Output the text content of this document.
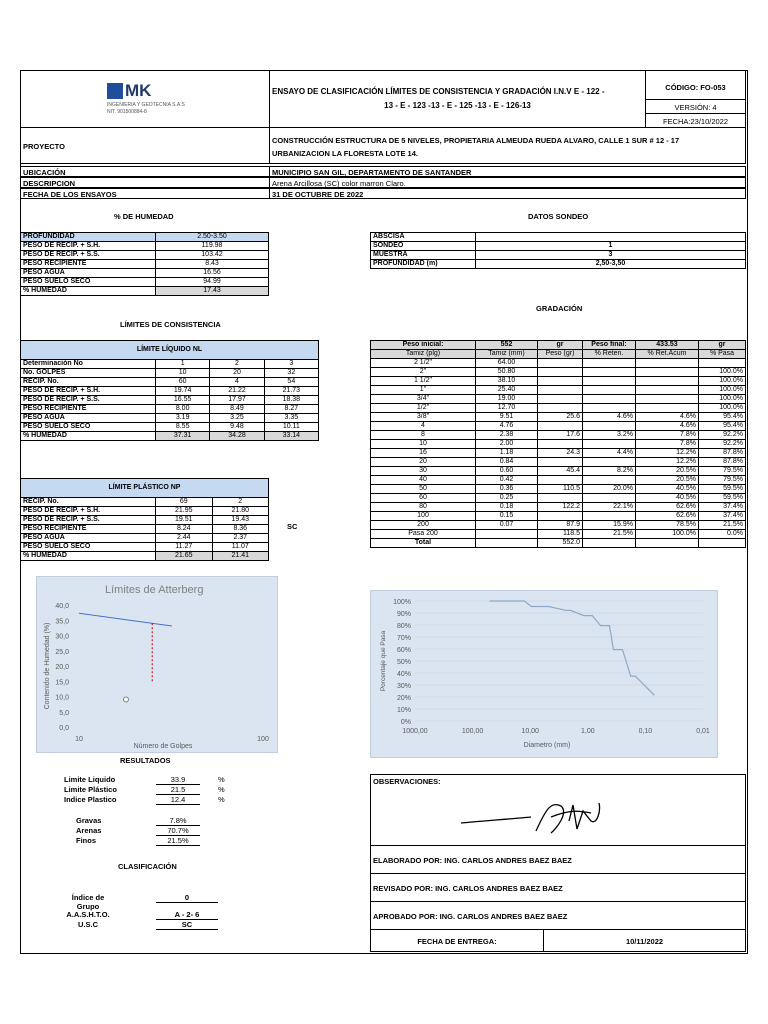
MK
INGENIERIA Y GEOTECNIA S.A.S
NIT. 901500884-8
ENSAYO DE CLASIFICACIÓN LÍMITES DE CONSISTENCIA Y GRADACIÓN I.N.V E - 122 -
13 - E - 123 -13 - E - 125 -13 - E - 126-13
CÓDIGO: FO-053
VERSIÓN: 4
FECHA:23/10/2022
PROYECTO
CONSTRUCCIÓN ESTRUCTURA DE 5 NIVELES, PROPIETARIA ALMEUDA RUEDA ALVARO, CALLE 1 SUR # 12 - 17
URBANIZACION LA FLORESTA LOTE 14.
UBICACIÓN	MUNICIPIO SAN GIL, DEPARTAMENTO DE SANTANDER
DESCRIPCION	Arena Arcillosa (SC) color marron Claro.
FECHA DE LOS ENSAYOS	31 DE OCTUBRE DE 2022
% DE HUMEDAD
PROFUNDIDAD	2.50-3.50
PESO DE RECIP. + S.H.	119.98
PESO DE RECIP. + S.S.	103.42
PESO RECIPIENTE	8.43
PESO AGUA	16.56
PESO SUELO SECO	94.99
% HUMEDAD	17.43
DATOS SONDEO
ABSCISA	
SONDEO	1
MUESTRA	3
PROFUNDIDAD (m)	2,50-3,50
GRADACIÓN
LÍMITES DE CONSISTENCIA
LÍMITE LÍQUIDO NL			
Determinación No	1	2	3
No. GOLPES	10	20	32
RECIP. No.	60	4	54
PESO DE RECIP. + S.H.	19.74	21.22	21.73
PESO DE RECIP. + S.S.	16.55	17.97	18.38
PESO RECIPIENTE	8.00	8.49	8.27
PESO AGUA	3.19	3.25	3.35
PESO SUELO SECO	8.55	9.48	10.11
% HUMEDAD	37.31	34.28	33.14
LÍMITE PLÁSTICO NP		
RECIP. No.	69	2
PESO DE RECIP. + S.H.	21.95	21.80
PESO DE RECIP. + S.S.	19.51	19.43
PESO RECIPIENTE	8.24	8.36
PESO AGUA	2.44	2.37
PESO SUELO SECO	11.27	11.07
% HUMEDAD	21.65	21.41
SC
Peso inicial:	552	gr	Peso final:	433.53	gr
Tamiz (plg)	Tamiz (mm)	Peso (gr)	% Reten.	% Ret.Acum	% Pasa
2 1/2"	64.00				
2"	50.80				100.0%
1 1/2"	38.10				100.0%
1"	25.40				100.0%
3/4"	19.00				100.0%
1/2"	12.70				100.0%
3/8"	9.51	25.6	4.6%	4.6%	95.4%
4	4.76			4.6%	95.4%
8	2.38	17.6	3.2%	7.8%	92.2%
10	2.00			7.8%	92.2%
16	1.18	24.3	4.4%	12.2%	87.8%
20	0.84			12.2%	87.8%
30	0.60	45.4	8.2%	20.5%	79.5%
40	0.42			20.5%	79.5%
50	0.36	110.5	20.0%	40.5%	59.5%
60	0.25			40.5%	59.5%
80	0.18	122.2	22.1%	62.6%	37.4%
100	0.15			62.6%	37.4%
200	0.07	87.9	15.9%	78.5%	21.5%
Pasa 200		118.5	21.5%	100.0%	0.0%
Total		552.0			
Límites de Atterberg
0,0
5,0
10,0
15,0
20,0
25,0
30,0
35,0
40,0
10	100
Número de Golpes
Contenido de Humedad (%)
0%
10%
20%
30%
40%
50%
60%
70%
80%
90%
100%
1000,00	100,00	10,00	1,00	0,10	0,01
Diametro (mm)
Porcentaje que Pasa
RESULTADOS
Limite Liquido	33.9	%
Limite Plástico	21.5	%
Indice Plastico	12.4	%
Gravas	7.8%
Arenas	70.7%
Finos	21.5%
CLASIFICACIÓN
Índice de Grupo
0
A.A.S.H.T.O.	A - 2- 6
U.S.C	SC
OBSERVACIONES:
ELABORADO POR: ING. CARLOS ANDRES BAEZ BAEZ
REVISADO POR: ING. CARLOS ANDRES BAEZ BAEZ
APROBADO POR: ING. CARLOS ANDRES BAEZ BAEZ
FECHA DE ENTREGA:	10/11/2022
